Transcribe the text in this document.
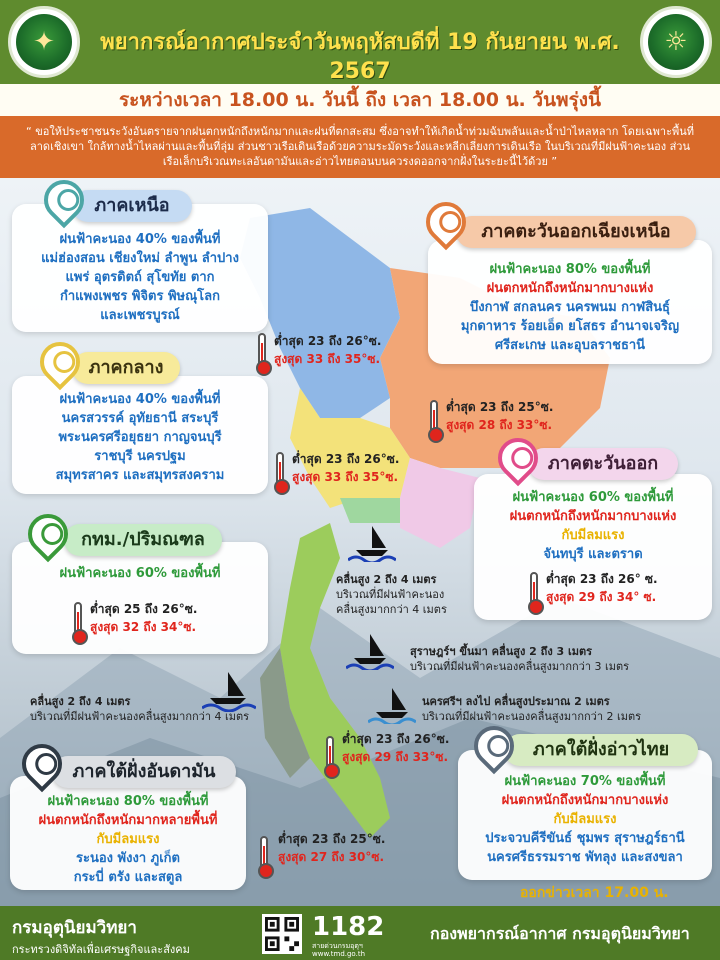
✦	พยากรณ์อากาศประจำวันพฤหัสบดีที่ 19 กันยายน พ.ศ. 2567
☼
ระหว่างเวลา 18.00 น. วันนี้ ถึง เวลา 18.00 น. วันพรุ่งนี้
“ ขอให้ประชาชนระวังอันตรายจากฝนตกหนักถึงหนักมากและฝนที่ตกสะสม ซึ่งอาจทำให้เกิดน้ำท่วมฉับพลันและน้ำป่าไหลหลาก โดยเฉพาะพื้นที่ลาดเชิงเขา ใกล้ทางน้ำไหลผ่านและพื้นที่ลุ่ม ส่วนชาวเรือเดินเรือด้วยความระมัดระวังและหลีกเลี่ยงการเดินเรือ ในบริเวณที่มีฝนฟ้าคะนอง ส่วนเรือเล็กบริเวณทะเลอันดามันและอ่าวไทยตอนบนควรงดออกจากฝั่งในระยะนี้ไว้ด้วย ”
ฝนฟ้าคะนอง 40% ของพื้นที่
แม่ฮ่องสอน เชียงใหม่ ลำพูน ลำปาง
แพร่ อุตรดิตถ์ สุโขทัย ตาก
กำแพงเพชร พิจิตร พิษณุโลก
และเพชรบูรณ์
ภาคเหนือ
ต่ำสุด 23 ถึง 26°ซ.
สูงสุด 33 ถึง 35°ซ.
ฝนฟ้าคะนอง 80% ของพื้นที่
ฝนตกหนักถึงหนักมากบางแห่ง
บึงกาฬ สกลนคร นครพนม กาฬสินธุ์
มุกดาหาร ร้อยเอ็ด ยโสธร อำนาจเจริญ
ศรีสะเกษ และอุบลราชธานี
ภาคตะวันออกเฉียงเหนือ
ต่ำสุด 23 ถึง 25°ซ.
สูงสุด 28 ถึง 33°ซ.
ฝนฟ้าคะนอง 40% ของพื้นที่
นครสวรรค์ อุทัยธานี สระบุรี
พระนครศรีอยุธยา กาญจนบุรี
ราชบุรี นครปฐม
สมุทรสาคร และสมุทรสงคราม
ภาคกลาง
ต่ำสุด 23 ถึง 26°ซ.
สูงสุด 33 ถึง 35°ซ.
ฝนฟ้าคะนอง 60% ของพื้นที่
ฝนตกหนักถึงหนักมากบางแห่ง
กับมีลมแรง
จันทบุรี และตราด
ภาคตะวันออก
ต่ำสุด 23 ถึง 26° ซ.
สูงสุด 29 ถึง 34° ซ.
ฝนฟ้าคะนอง 60% ของพื้นที่
กทม./ปริมณฑล
ต่ำสุด 25 ถึง 26°ซ.
สูงสุด 32 ถึง 34°ซ.
คลื่นสูง 2 ถึง 4 เมตร
บริเวณที่มีฝนฟ้าคะนอง
คลื่นสูงมากกว่า 4 เมตร
สุราษฎร์ฯ ขึ้นมา คลื่นสูง 2 ถึง 3 เมตร
บริเวณที่มีฝนฟ้าคะนองคลื่นสูงมากกว่า 3 เมตร
นครศรีฯ ลงไป คลื่นสูงประมาณ 2 เมตร
บริเวณที่มีฝนฟ้าคะนองคลื่นสูงมากกว่า 2 เมตร
คลื่นสูง 2 ถึง 4 เมตร
บริเวณที่มีฝนฟ้าคะนองคลื่นสูงมากกว่า 4 เมตร
ต่ำสุด 23 ถึง 26°ซ.
สูงสุด 29 ถึง 33°ซ.
ฝนฟ้าคะนอง 70% ของพื้นที่
ฝนตกหนักถึงหนักมากบางแห่ง
กับมีลมแรง
ประจวบคีรีขันธ์ ชุมพร สุราษฎร์ธานี
นครศรีธรรมราช พัทลุง และสงขลา
ภาคใต้ฝั่งอ่าวไทย
ฝนฟ้าคะนอง 80% ของพื้นที่
ฝนตกหนักถึงหนักมากหลายพื้นที่
กับมีลมแรง
ระนอง พังงา ภูเก็ต
กระบี่ ตรัง และสตูล
ภาคใต้ฝั่งอันดามัน
ต่ำสุด 23 ถึง 25°ซ.
สูงสุด 27 ถึง 30°ซ.
ออกข่าวเวลา 17.00 น.
กรมอุตุนิยมวิทยา
กระทรวงดิจิทัลเพื่อเศรษฐกิจและสังคม
1182
สายด่วนกรมอุตุฯ
www.tmd.go.th
กองพยากรณ์อากาศ กรมอุตุนิยมวิทยา
